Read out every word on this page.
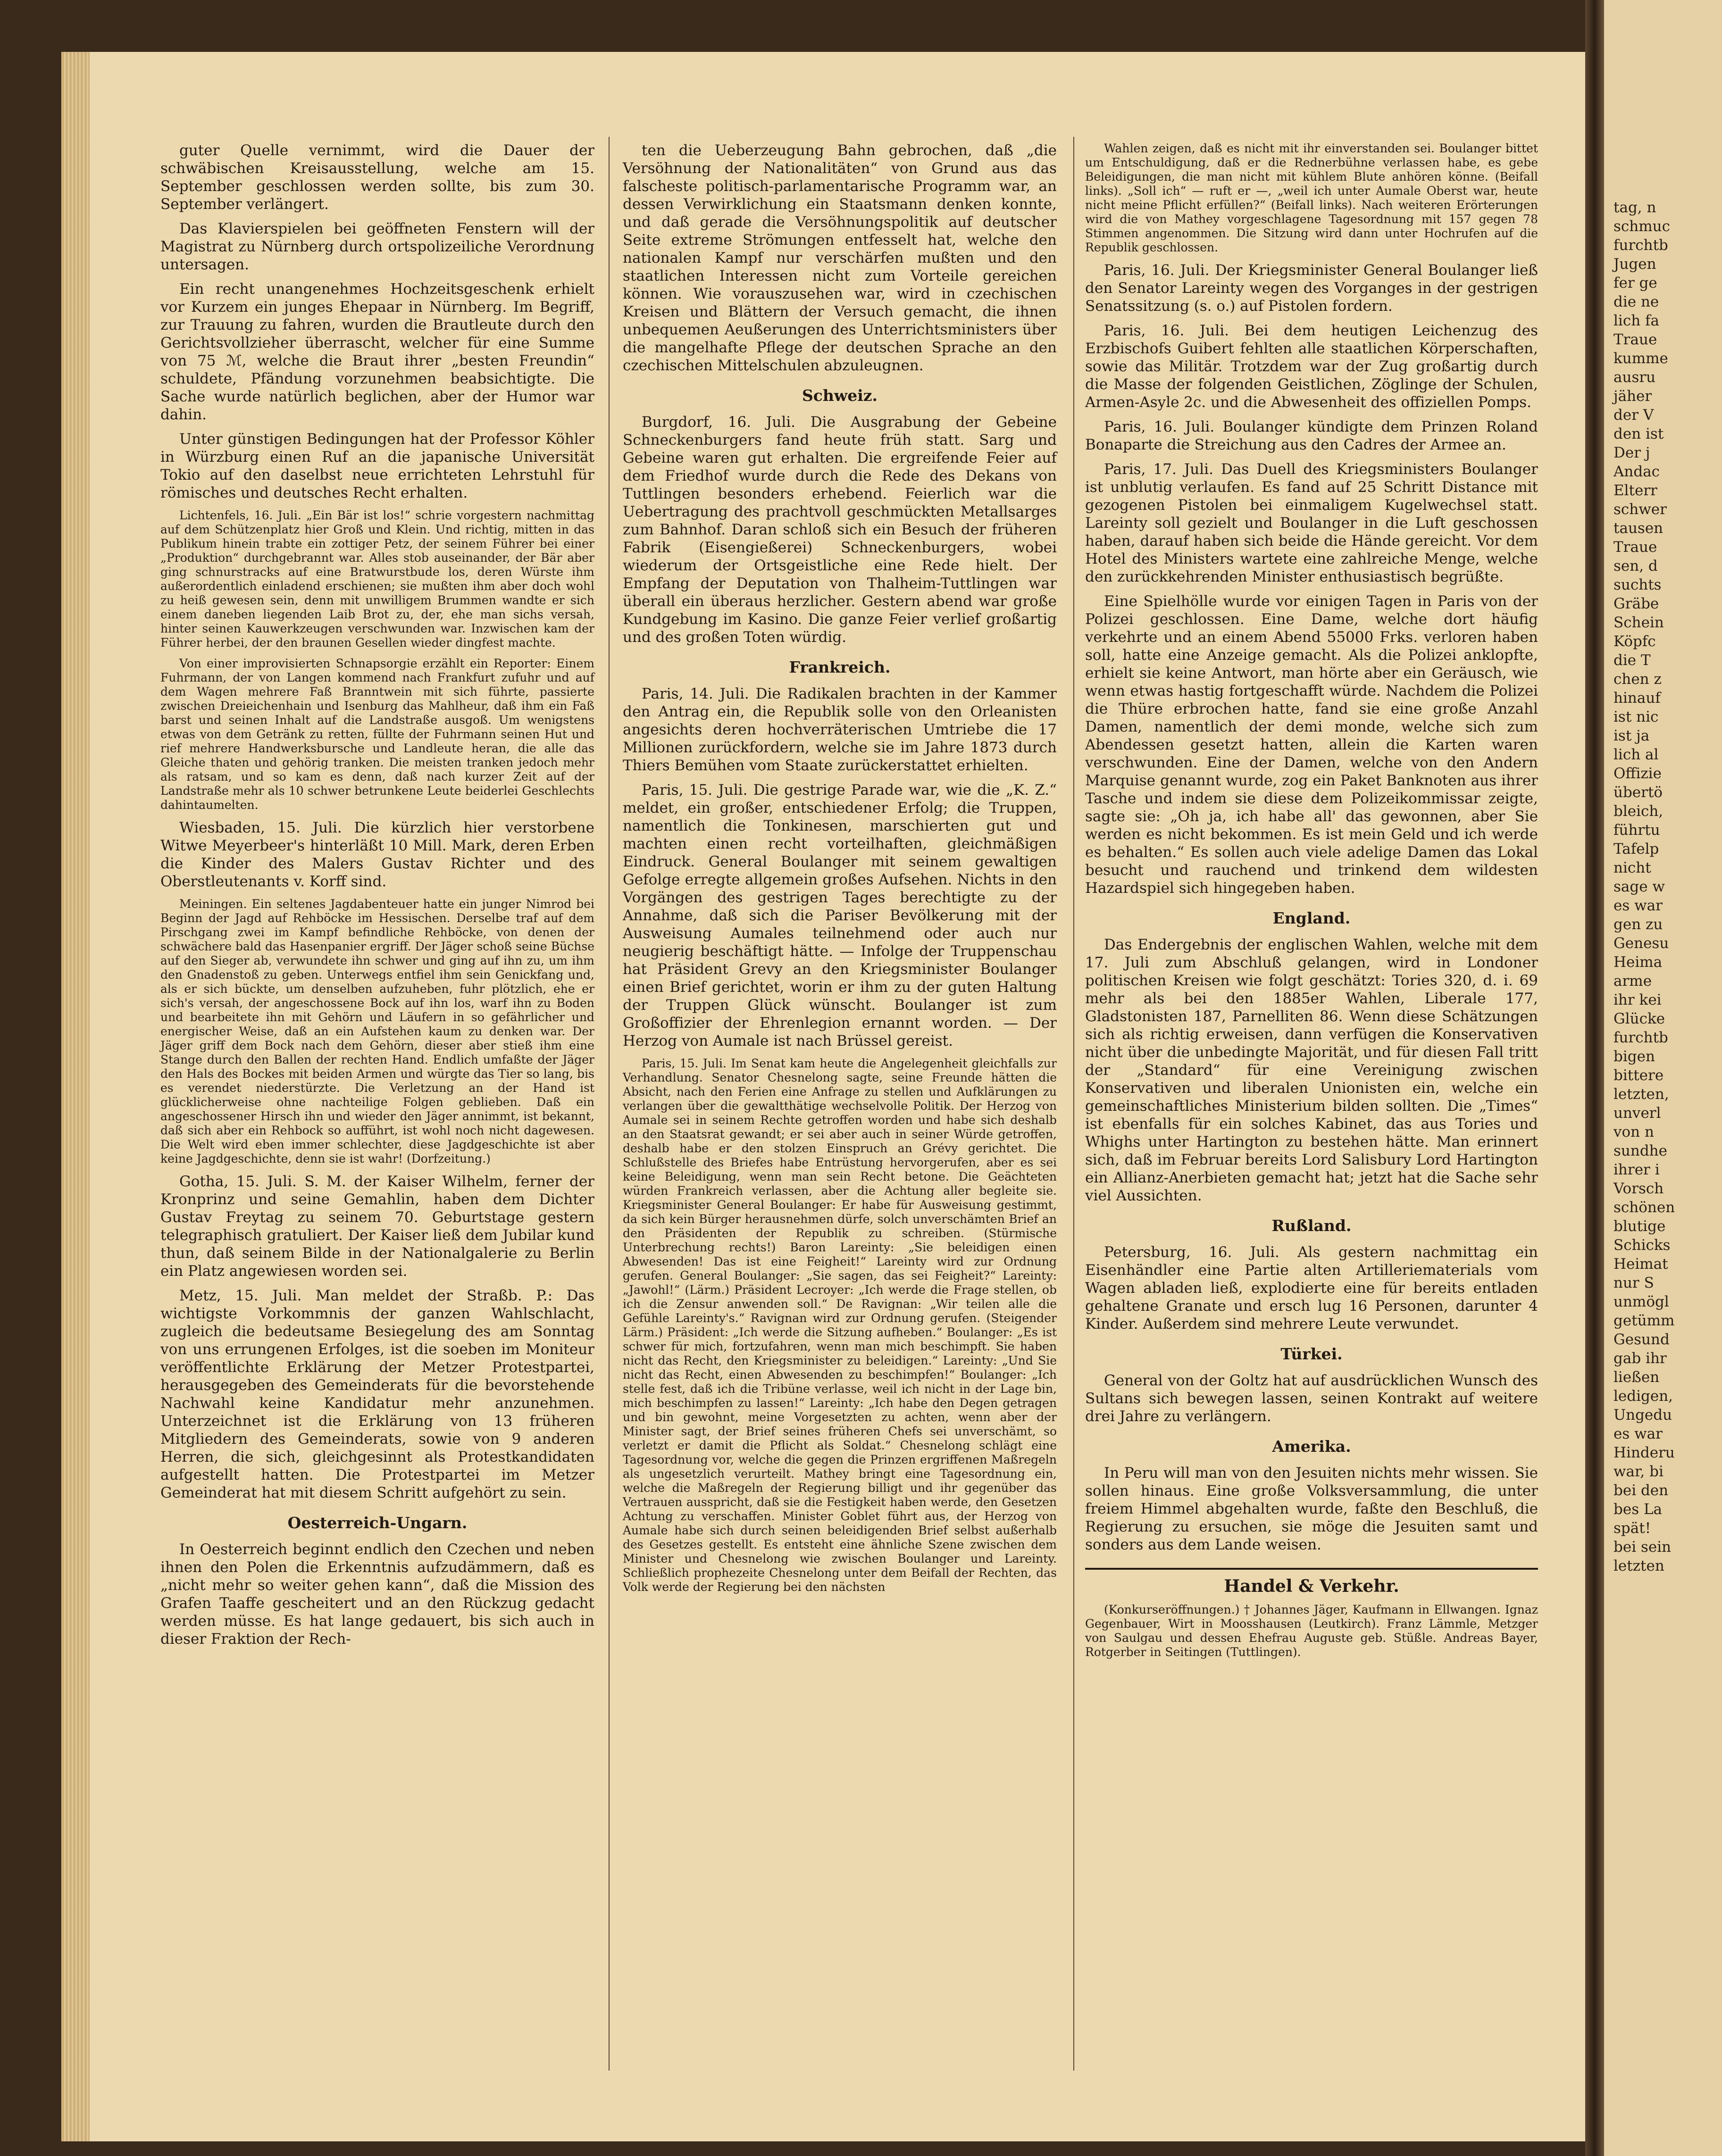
guter Quelle vernimmt, wird die Dauer der schwäbischen Kreisausstellung, welche am 15. September geschlossen werden sollte, bis zum 30. September verlängert.

Das Klavierspielen bei geöffneten Fenstern will der Magistrat zu Nürnberg durch ortspolizeiliche Verordnung untersagen.

Ein recht unangenehmes Hochzeitsgeschenk erhielt vor Kurzem ein junges Ehepaar in Nürnberg. Im Begriff, zur Trauung zu fahren, wurden die Brautleute durch den Gerichtsvollzieher überrascht, welcher für eine Summe von 75 ℳ, welche die Braut ihrer „besten Freundin“ schuldete, Pfändung vorzunehmen beabsichtigte. Die Sache wurde natürlich beglichen, aber der Humor war dahin.

Unter günstigen Bedingungen hat der Professor Köhler in Würzburg einen Ruf an die japanische Universität Tokio auf den daselbst neue errichteten Lehrstuhl für römisches und deutsches Recht erhalten.

Lichtenfels, 16. Juli. „Ein Bär ist los!“ schrie vorgestern nachmittag auf dem Schützenplatz hier Groß und Klein. Und richtig, mitten in das Publikum hinein trabte ein zottiger Petz, der seinem Führer bei einer „Produktion“ durchgebrannt war. Alles stob auseinander, der Bär aber ging schnurstracks auf eine Bratwurstbude los, deren Würste ihm außerordentlich einladend erschienen; sie mußten ihm aber doch wohl zu heiß gewesen sein, denn mit unwilligem Brummen wandte er sich einem daneben liegenden Laib Brot zu, der, ehe man sichs versah, hinter seinen Kauwerkzeugen verschwunden war. Inzwischen kam der Führer herbei, der den braunen Gesellen wieder dingfest machte.

Von einer improvisierten Schnapsorgie erzählt ein Reporter: Einem Fuhrmann, der von Langen kommend nach Frankfurt zufuhr und auf dem Wagen mehrere Faß Branntwein mit sich führte, passierte zwischen Dreieichenhain und Isenburg das Mahlheur, daß ihm ein Faß barst und seinen Inhalt auf die Landstraße ausgoß. Um wenigstens etwas von dem Getränk zu retten, füllte der Fuhrmann seinen Hut und rief mehrere Handwerksbursche und Landleute heran, die alle das Gleiche thaten und gehörig tranken. Die meisten tranken jedoch mehr als ratsam, und so kam es denn, daß nach kurzer Zeit auf der Landstraße mehr als 10 schwer betrunkene Leute beiderlei Geschlechts dahintaumelten.

Wiesbaden, 15. Juli. Die kürzlich hier verstorbene Witwe Meyerbeer's hinterläßt 10 Mill. Mark, deren Erben die Kinder des Malers Gustav Richter und des Oberstleutenants v. Korff sind.

Meiningen. Ein seltenes Jagdabenteuer hatte ein junger Nimrod bei Beginn der Jagd auf Rehböcke im Hessischen. Derselbe traf auf dem Pirschgang zwei im Kampf befindliche Rehböcke, von denen der schwächere bald das Hasenpanier ergriff. Der Jäger schoß seine Büchse auf den Sieger ab, verwundete ihn schwer und ging auf ihn zu, um ihm den Gnadenstoß zu geben. Unterwegs entfiel ihm sein Genickfang und, als er sich bückte, um denselben aufzuheben, fuhr plötzlich, ehe er sich's versah, der angeschossene Bock auf ihn los, warf ihn zu Boden und bearbeitete ihn mit Gehörn und Läufern in so gefährlicher und energischer Weise, daß an ein Aufstehen kaum zu denken war. Der Jäger griff dem Bock nach dem Gehörn, dieser aber stieß ihm eine Stange durch den Ballen der rechten Hand. Endlich umfaßte der Jäger den Hals des Bockes mit beiden Armen und würgte das Tier so lang, bis es verendet niederstürzte. Die Verletzung an der Hand ist glücklicherweise ohne nachteilige Folgen geblieben. Daß ein angeschossener Hirsch ihn und wieder den Jäger annimmt, ist bekannt, daß sich aber ein Rehbock so aufführt, ist wohl noch nicht dagewesen. Die Welt wird eben immer schlechter, diese Jagdgeschichte ist aber keine Jagdgeschichte, denn sie ist wahr! (Dorfzeitung.)

Gotha, 15. Juli. S. M. der Kaiser Wilhelm, ferner der Kronprinz und seine Gemahlin, haben dem Dichter Gustav Freytag zu seinem 70. Geburtstage gestern telegraphisch gratuliert. Der Kaiser ließ dem Jubilar kund thun, daß seinem Bilde in der Nationalgalerie zu Berlin ein Platz angewiesen worden sei.

Metz, 15. Juli. Man meldet der Straßb. P.: Das wichtigste Vorkommnis der ganzen Wahlschlacht, zugleich die bedeutsame Besiegelung des am Sonntag von uns errungenen Erfolges, ist die soeben im Moniteur veröffentlichte Erklärung der Metzer Protestpartei, herausgegeben des Gemeinderats für die bevorstehende Nachwahl keine Kandidatur mehr anzunehmen. Unterzeichnet ist die Erklärung von 13 früheren Mitgliedern des Gemeinderats, sowie von 9 anderen Herren, die sich, gleichgesinnt als Protestkandidaten aufgestellt hatten. Die Protestpartei im Metzer Gemeinderat hat mit diesem Schritt aufgehört zu sein.

Oesterreich-Ungarn.

In Oesterreich beginnt endlich den Czechen und neben ihnen den Polen die Erkenntnis aufzudämmern, daß es „nicht mehr so weiter gehen kann“, daß die Mission des Grafen Taaffe gescheitert und an den Rückzug gedacht werden müsse. Es hat lange gedauert, bis sich auch in dieser Fraktion der Rech-

ten die Ueberzeugung Bahn gebrochen, daß „die Versöhnung der Nationalitäten“ von Grund aus das falscheste politisch-parlamentarische Programm war, an dessen Verwirklichung ein Staatsmann denken konnte, und daß gerade die Versöhnungspolitik auf deutscher Seite extreme Strömungen entfesselt hat, welche den nationalen Kampf nur verschärfen mußten und den staatlichen Interessen nicht zum Vorteile gereichen können. Wie vorauszusehen war, wird in czechischen Kreisen und Blättern der Versuch gemacht, die ihnen unbequemen Aeußerungen des Unterrichtsministers über die mangelhafte Pflege der deutschen Sprache an den czechischen Mittelschulen abzuleugnen.

Schweiz.

Burgdorf, 16. Juli. Die Ausgrabung der Gebeine Schneckenburgers fand heute früh statt. Sarg und Gebeine waren gut erhalten. Die ergreifende Feier auf dem Friedhof wurde durch die Rede des Dekans von Tuttlingen besonders erhebend. Feierlich war die Uebertragung des prachtvoll geschmückten Metallsarges zum Bahnhof. Daran schloß sich ein Besuch der früheren Fabrik (Eisengießerei) Schneckenburgers, wobei wiederum der Ortsgeistliche eine Rede hielt. Der Empfang der Deputation von Thalheim-Tuttlingen war überall ein überaus herzlicher. Gestern abend war große Kundgebung im Kasino. Die ganze Feier verlief großartig und des großen Toten würdig.

Frankreich.

Paris, 14. Juli. Die Radikalen brachten in der Kammer den Antrag ein, die Republik solle von den Orleanisten angesichts deren hochverräterischen Umtriebe die 17 Millionen zurückfordern, welche sie im Jahre 1873 durch Thiers Bemühen vom Staate zurückerstattet erhielten.

Paris, 15. Juli. Die gestrige Parade war, wie die „K. Z.“ meldet, ein großer, entschiedener Erfolg; die Truppen, namentlich die Tonkinesen, marschierten gut und machten einen recht vorteilhaften, gleichmäßigen Eindruck. General Boulanger mit seinem gewaltigen Gefolge erregte allgemein großes Aufsehen. Nichts in den Vorgängen des gestrigen Tages berechtigte zu der Annahme, daß sich die Pariser Bevölkerung mit der Ausweisung Aumales teilnehmend oder auch nur neugierig beschäftigt hätte. — Infolge der Truppenschau hat Präsident Grevy an den Kriegsminister Boulanger einen Brief gerichtet, worin er ihm zu der guten Haltung der Truppen Glück wünscht. Boulanger ist zum Großoffizier der Ehrenlegion ernannt worden. — Der Herzog von Aumale ist nach Brüssel gereist.

Paris, 15. Juli. Im Senat kam heute die Angelegenheit gleichfalls zur Verhandlung. Senator Chesnelong sagte, seine Freunde hätten die Absicht, nach den Ferien eine Anfrage zu stellen und Aufklärungen zu verlangen über die gewaltthätige wechselvolle Politik. Der Herzog von Aumale sei in seinem Rechte getroffen worden und habe sich deshalb an den Staatsrat gewandt; er sei aber auch in seiner Würde getroffen, deshalb habe er den stolzen Einspruch an Grévy gerichtet. Die Schlußstelle des Briefes habe Entrüstung hervorgerufen, aber es sei keine Beleidigung, wenn man sein Recht betone. Die Geächteten würden Frankreich verlassen, aber die Achtung aller begleite sie. Kriegsminister General Boulanger: Er habe für Ausweisung gestimmt, da sich kein Bürger herausnehmen dürfe, solch unverschämten Brief an den Präsidenten der Republik zu schreiben. (Stürmische Unterbrechung rechts!) Baron Lareinty: „Sie beleidigen einen Abwesenden! Das ist eine Feigheit!“ Lareinty wird zur Ordnung gerufen. General Boulanger: „Sie sagen, das sei Feigheit?“ Lareinty: „Jawohl!“ (Lärm.) Präsident Lecroyer: „Ich werde die Frage stellen, ob ich die Zensur anwenden soll.“ De Ravignan: „Wir teilen alle die Gefühle Lareinty's.“ Ravignan wird zur Ordnung gerufen. (Steigender Lärm.) Präsident: „Ich werde die Sitzung aufheben.“ Boulanger: „Es ist schwer für mich, fortzufahren, wenn man mich beschimpft. Sie haben nicht das Recht, den Kriegsminister zu beleidigen.“ Lareinty: „Und Sie nicht das Recht, einen Abwesenden zu beschimpfen!“ Boulanger: „Ich stelle fest, daß ich die Tribüne verlasse, weil ich nicht in der Lage bin, mich beschimpfen zu lassen!“ Lareinty: „Ich habe den Degen getragen und bin gewohnt, meine Vorgesetzten zu achten, wenn aber der Minister sagt, der Brief seines früheren Chefs sei unverschämt, so verletzt er damit die Pflicht als Soldat.“ Chesnelong schlägt eine Tagesordnung vor, welche die gegen die Prinzen ergriffenen Maßregeln als ungesetzlich verurteilt. Mathey bringt eine Tagesordnung ein, welche die Maßregeln der Regierung billigt und ihr gegenüber das Vertrauen ausspricht, daß sie die Festigkeit haben werde, den Gesetzen Achtung zu verschaffen. Minister Goblet führt aus, der Herzog von Aumale habe sich durch seinen beleidigenden Brief selbst außerhalb des Gesetzes gestellt. Es entsteht eine ähnliche Szene zwischen dem Minister und Chesnelong wie zwischen Boulanger und Lareinty. Schließlich prophezeite Chesnelong unter dem Beifall der Rechten, das Volk werde der Regierung bei den nächsten

Wahlen zeigen, daß es nicht mit ihr einverstanden sei. Boulanger bittet um Entschuldigung, daß er die Rednerbühne verlassen habe, es gebe Beleidigungen, die man nicht mit kühlem Blute anhören könne. (Beifall links). „Soll ich“ — ruft er —, „weil ich unter Aumale Oberst war, heute nicht meine Pflicht erfüllen?“ (Beifall links). Nach weiteren Erörterungen wird die von Mathey vorgeschlagene Tagesordnung mit 157 gegen 78 Stimmen angenommen. Die Sitzung wird dann unter Hochrufen auf die Republik geschlossen.

Paris, 16. Juli. Der Kriegsminister General Boulanger ließ den Senator Lareinty wegen des Vorganges in der gestrigen Senatssitzung (s. o.) auf Pistolen fordern.

Paris, 16. Juli. Bei dem heutigen Leichenzug des Erzbischofs Guibert fehlten alle staatlichen Körperschaften, sowie das Militär. Trotzdem war der Zug großartig durch die Masse der folgenden Geistlichen, Zöglinge der Schulen, Armen-Asyle 2c. und die Abwesenheit des offiziellen Pomps.

Paris, 16. Juli. Boulanger kündigte dem Prinzen Roland Bonaparte die Streichung aus den Cadres der Armee an.

Paris, 17. Juli. Das Duell des Kriegsministers Boulanger ist unblutig verlaufen. Es fand auf 25 Schritt Distance mit gezogenen Pistolen bei einmaligem Kugelwechsel statt. Lareinty soll gezielt und Boulanger in die Luft geschossen haben, darauf haben sich beide die Hände gereicht. Vor dem Hotel des Ministers wartete eine zahlreiche Menge, welche den zurückkehrenden Minister enthusiastisch begrüßte.

Eine Spielhölle wurde vor einigen Tagen in Paris von der Polizei geschlossen. Eine Dame, welche dort häufig verkehrte und an einem Abend 55000 Frks. verloren haben soll, hatte eine Anzeige gemacht. Als die Polizei anklopfte, erhielt sie keine Antwort, man hörte aber ein Geräusch, wie wenn etwas hastig fortgeschafft würde. Nachdem die Polizei die Thüre erbrochen hatte, fand sie eine große Anzahl Damen, namentlich der demi monde, welche sich zum Abendessen gesetzt hatten, allein die Karten waren verschwunden. Eine der Damen, welche von den Andern Marquise genannt wurde, zog ein Paket Banknoten aus ihrer Tasche und indem sie diese dem Polizeikommissar zeigte, sagte sie: „Oh ja, ich habe all' das gewonnen, aber Sie werden es nicht bekommen. Es ist mein Geld und ich werde es behalten.“ Es sollen auch viele adelige Damen das Lokal besucht und rauchend und trinkend dem wildesten Hazardspiel sich hingegeben haben.

England.

Das Endergebnis der englischen Wahlen, welche mit dem 17. Juli zum Abschluß gelangen, wird in Londoner politischen Kreisen wie folgt geschätzt: Tories 320, d. i. 69 mehr als bei den 1885er Wahlen, Liberale 177, Gladstonisten 187, Parnelliten 86. Wenn diese Schätzungen sich als richtig erweisen, dann verfügen die Konservativen nicht über die unbedingte Majorität, und für diesen Fall tritt der „Standard“ für eine Vereinigung zwischen Konservativen und liberalen Unionisten ein, welche ein gemeinschaftliches Ministerium bilden sollten. Die „Times“ ist ebenfalls für ein solches Kabinet, das aus Tories und Whighs unter Hartington zu bestehen hätte. Man erinnert sich, daß im Februar bereits Lord Salisbury Lord Hartington ein Allianz-Anerbieten gemacht hat; jetzt hat die Sache sehr viel Aussichten.

Rußland.

Petersburg, 16. Juli. Als gestern nachmittag ein Eisenhändler eine Partie alten Artilleriematerials vom Wagen abladen ließ, explodierte eine für bereits entladen gehaltene Granate und ersch lug 16 Personen, darunter 4 Kinder. Außerdem sind mehrere Leute verwundet.

Türkei.

General von der Goltz hat auf ausdrücklichen Wunsch des Sultans sich bewegen lassen, seinen Kontrakt auf weitere drei Jahre zu verlängern.

Amerika.

In Peru will man von den Jesuiten nichts mehr wissen. Sie sollen hinaus. Eine große Volksversammlung, die unter freiem Himmel abgehalten wurde, faßte den Beschluß, die Regierung zu ersuchen, sie möge die Jesuiten samt und sonders aus dem Lande weisen.

Handel & Verkehr.

(Konkurseröffnungen.) † Johannes Jäger, Kaufmann in Ellwangen. Ignaz Gegenbauer, Wirt in Moosshausen (Leutkirch). Franz Lämmle, Metzger von Saulgau und dessen Ehefrau Auguste geb. Stüßle. Andreas Bayer, Rotgerber in Seitingen (Tuttlingen).

tag, n

schmuc

furchtb

Jugen

fer ge

die ne

lich fa

Traue

kumme

ausru

jäher

der V

den ist

Der j

Andac

Elterr

schwer

tausen

Traue

sen, d

suchts

Gräbe

Schein

Köpfc

die T

chen z

hinauf

ist nic

ist ja

lich al

Offizie

übertö

bleich,

führtu

Tafelp

nicht

sage w

es war

gen zu

Genesu

Heima

arme

ihr kei

Glücke

furchtb

bigen

bittere

letzten,

unverl

von n

sundhe

ihrer i

Vorsch

schönen

blutige

Schicks

Heimat

nur S

unmögl

getümm

Gesund

gab ihr

ließen

ledigen,

Ungedu

es war

Hinderu

war, bi

bei den

bes La

spät!

bei sein

letzten
